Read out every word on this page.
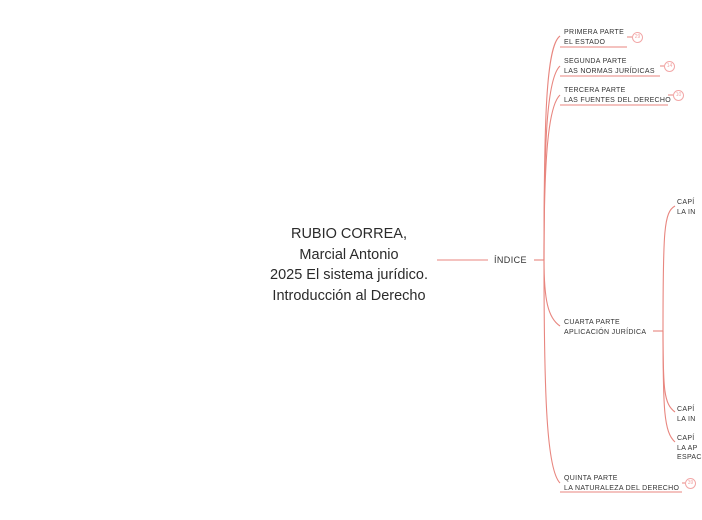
RUBIO CORREA,
Marcial Antonio
2025 El sistema jurídico.
Introducción al Derecho
ÍNDICE
PRIMERA PARTE
EL ESTADO
29
SEGUNDA PARTE
LAS NORMAS JURÍDICAS
14
TERCERA PARTE
LAS FUENTES DEL DERECHO
10
CUARTA PARTE
APLICACIÓN JURÍDICA
QUINTA PARTE
LA NATURALEZA DEL DERECHO
39
CAPÍ
LA IN
CAPÍ
LA IN
CAPÍ
LA AP
ESPAC
